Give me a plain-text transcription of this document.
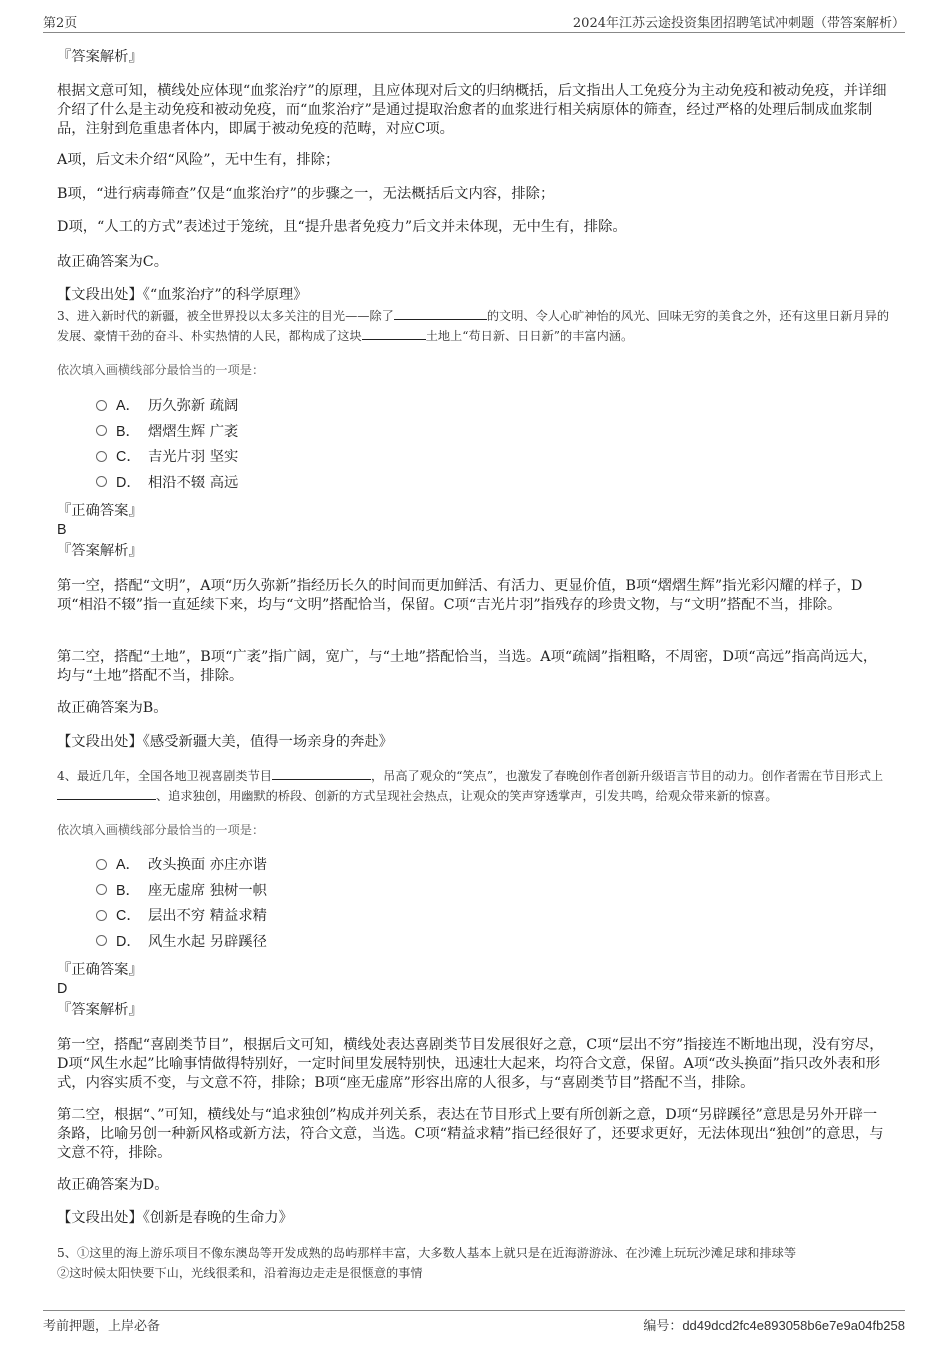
第2页	2024年江苏云途投资集团招聘笔试冲刺题（带答案解析）
『答案解析』
根据文意可知，横线处应体现“血浆治疗”的原理，且应体现对后文的归纳概括，后文指出人工免疫分为主动免疫和被动免疫，并详细介绍了什么是主动免疫和被动免疫，而“血浆治疗”是通过提取治愈者的血浆进行相关病原体的筛查，经过严格的处理后制成血浆制品，注射到危重患者体内，即属于被动免疫的范畴，对应C项。
A项，后文未介绍“风险”，无中生有，排除；
B项，“进行病毒筛查”仅是“血浆治疗”的步骤之一，无法概括后文内容，排除；
D项，“人工的方式”表述过于笼统，且“提升患者免疫力”后文并未体现，无中生有，排除。
故正确答案为C。
【文段出处】《“血浆治疗”的科学原理》
3、进入新时代的新疆，被全世界投以太多关注的目光——除了	的文明、令人心旷神怡的风光、回味无穷的美食之外，还有这里日新月异的发展、豪情干劲的奋斗、朴实热情的人民，都构成了这块	土地上“苟日新、日日新”的丰富内涵。
依次填入画横线部分最恰当的一项是：
A． 历久弥新 疏阔
B． 熠熠生辉 广袤
C． 吉光片羽 坚实
D． 相沿不辍 高远
『正确答案』
B
『答案解析』
第一空，搭配“文明”，A项“历久弥新”指经历长久的时间而更加鲜活、有活力、更显价值，B项“熠熠生辉”指光彩闪耀的样子，D项“相沿不辍”指一直延续下来，均与“文明”搭配恰当，保留。C项“吉光片羽”指残存的珍贵文物，与“文明”搭配不当，排除。
第二空，搭配“土地”，B项“广袤”指广阔，宽广，与“土地”搭配恰当，当选。A项“疏阔”指粗略，不周密，D项“高远”指高尚远大，均与“土地”搭配不当，排除。
故正确答案为B。
【文段出处】《感受新疆大美，值得一场亲身的奔赴》
4、最近几年，全国各地卫视喜剧类节目	，吊高了观众的“笑点”，也激发了春晚创作者创新升级语言节目的动力。创作者需在节目形式上、追求独创，用幽默的桥段、创新的方式呈现社会热点，让观众的笑声穿透掌声，引发共鸣，给观众带来新的惊喜。
依次填入画横线部分最恰当的一项是：
A． 改头换面 亦庄亦谐
B． 座无虚席 独树一帜
C． 层出不穷 精益求精
D． 风生水起 另辟蹊径
『正确答案』
D
『答案解析』
第一空，搭配“喜剧类节目”，根据后文可知，横线处表达喜剧类节目发展很好之意，C项“层出不穷”指接连不断地出现，没有穷尽，D项“风生水起”比喻事情做得特别好，一定时间里发展特别快，迅速壮大起来，均符合文意，保留。A项“改头换面”指只改外表和形式，内容实质不变，与文意不符，排除；B项“座无虚席”形容出席的人很多，与“喜剧类节目”搭配不当，排除。
第二空，根据“、”可知，横线处与“追求独创”构成并列关系，表达在节目形式上要有所创新之意，D项“另辟蹊径”意思是另外开辟一条路，比喻另创一种新风格或新方法，符合文意，当选。C项“精益求精”指已经很好了，还要求更好，无法体现出“独创”的意思，与文意不符，排除。
故正确答案为D。
【文段出处】《创新是春晚的生命力》
5、①这里的海上游乐项目不像东澳岛等开发成熟的岛屿那样丰富，大多数人基本上就只是在近海游游泳、在沙滩上玩玩沙滩足球和排球等
②这时候太阳快要下山，光线很柔和，沿着海边走走是很惬意的事情
考前押题，上岸必备	编号：dd49dcd2fc4e893058b6e7e9a04fb258
